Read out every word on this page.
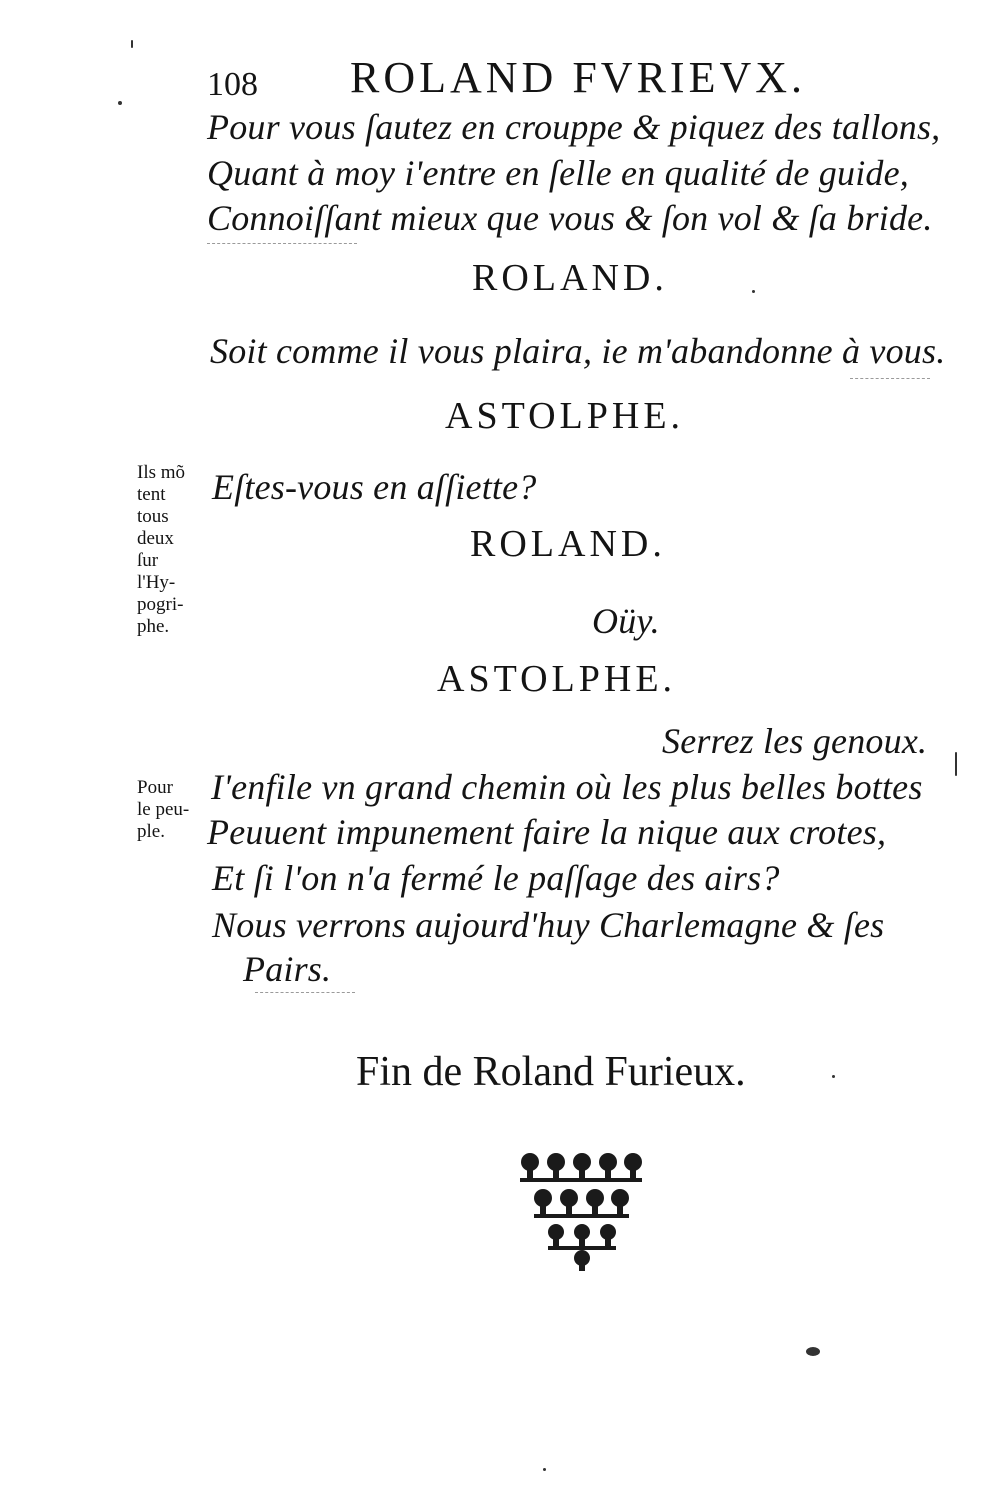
108 ROLAND FVRIEVX.
Pour vous ſautez en crouppe & piquez des tallons,
Quant à moy i'entre en ſelle en qualité de guide,
Connoiſſant mieux que vous & ſon vol & ſa bride.
ROLAND.
Soit comme il vous plaira, ie m'abandonne à vous.
ASTOLPHE.
Ils mõ
tent
tous
deux
ſur
l'Hy-
pogri-
phe.
Eſtes-vous en aſſiette?
ROLAND.
Oüy.
ASTOLPHE.
Serrez les genoux.
Pour
le peu-
ple.
I'enfile vn grand chemin où les plus belles bottes
Peuuent impunement faire la nique aux crotes,
Et ſi l'on n'a fermé le paſſage des airs?
Nous verrons aujourd'huy Charlemagne & ſes
Pairs.
Fin de Roland Furieux.
